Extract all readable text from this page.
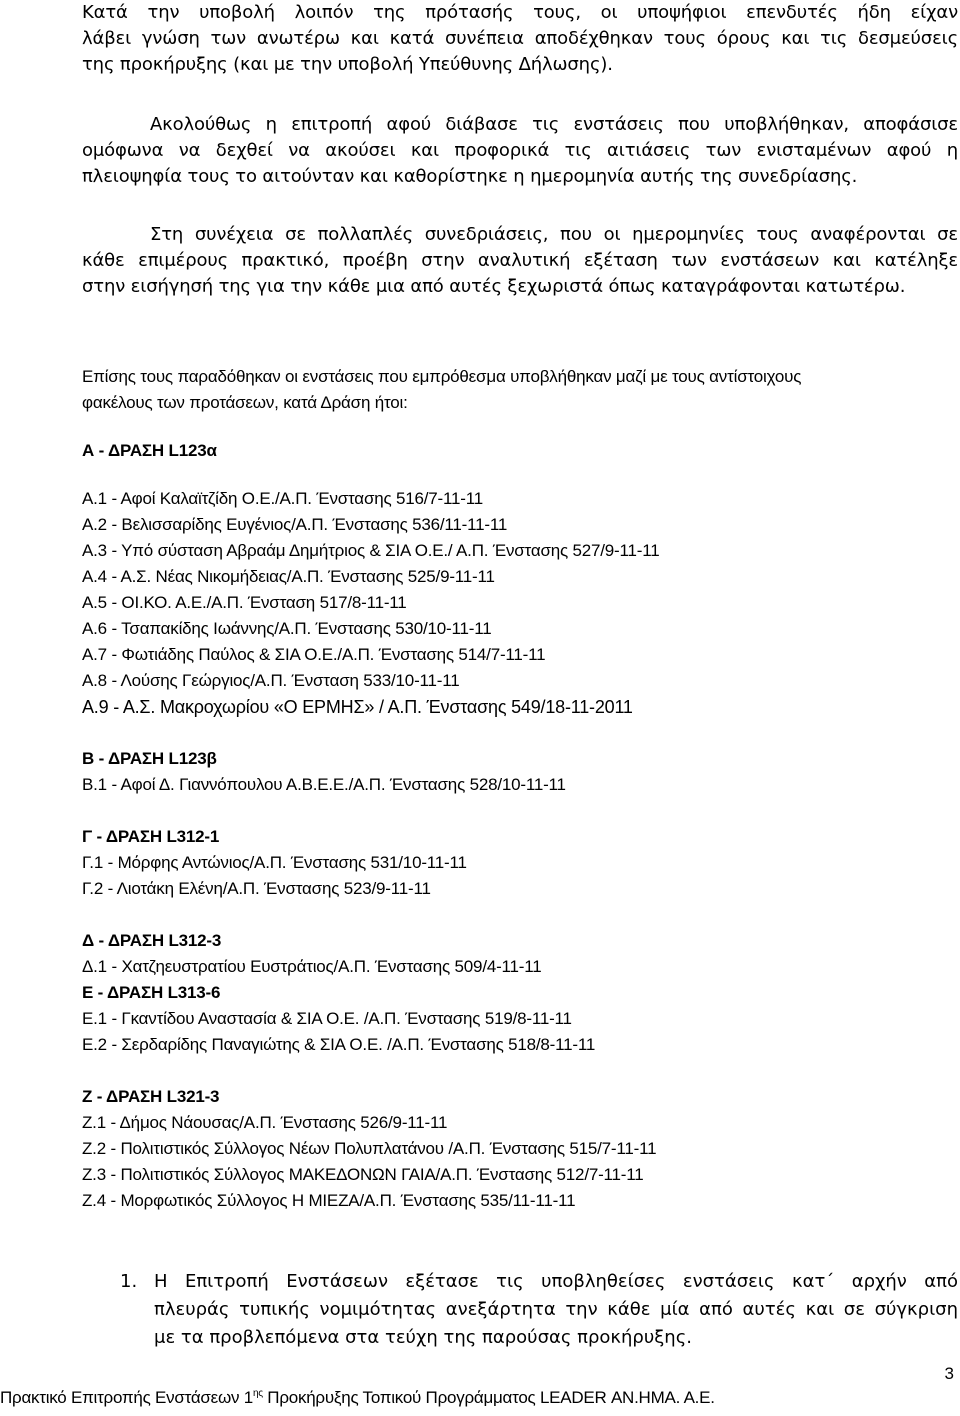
Κατά την υποβολή λοιπόν της πρότασής τους, οι υποψήφιοι επενδυτές ήδη είχαν
λάβει γνώση των ανωτέρω και κατά συνέπεια αποδέχθηκαν τους όρους και τις δεσμεύσεις
της προκήρυξης (και με την υποβολή Υπεύθυνης Δήλωσης).
Ακολούθως η επιτροπή αφού διάβασε τις ενστάσεις που υποβλήθηκαν, αποφάσισε
ομόφωνα να δεχθεί να ακούσει και προφορικά τις αιτιάσεις των ενισταμένων αφού η
πλειοψηφία τους το αιτούνταν και καθορίστηκε η ημερομηνία αυτής της συνεδρίασης.
Στη συνέχεια σε πολλαπλές συνεδριάσεις, που οι ημερομηνίες τους αναφέρονται σε
κάθε επιμέρους πρακτικό, προέβη στην αναλυτική εξέταση των ενστάσεων και κατέληξε
στην εισήγησή της για την κάθε μια από αυτές ξεχωριστά όπως καταγράφονται κατωτέρω.
Επίσης τους παραδόθηκαν οι ενστάσεις που εμπρόθεσμα υποβλήθηκαν μαζί με τους αντίστοιχους
φακέλους των προτάσεων, κατά Δράση ήτοι:
Α - ΔΡΑΣΗ L123α
Α.1 - Αφοί Καλαϊτζίδη Ο.Ε./Α.Π. Ένστασης 516/7-11-11
Α.2 - Βελισσαρίδης Ευγένιος/Α.Π. Ένστασης 536/11-11-11
Α.3 - Υπό σύσταση Αβραάμ Δημήτριος & ΣΙΑ Ο.Ε./ Α.Π. Ένστασης 527/9-11-11
Α.4 - Α.Σ. Νέας Νικομήδειας/Α.Π. Ένστασης 525/9-11-11
Α.5 - ΟΙ.ΚΟ. Α.Ε./Α.Π. Ένσταση 517/8-11-11
Α.6 - Τσαπακίδης Ιωάννης/Α.Π. Ένστασης 530/10-11-11
Α.7 - Φωτιάδης Παύλος & ΣΙΑ Ο.Ε./Α.Π. Ένστασης 514/7-11-11
Α.8 - Λούσης Γεώργιος/Α.Π. Ένσταση 533/10-11-11
Α.9 - Α.Σ. Μακροχωρίου «Ο ΕΡΜΗΣ» / Α.Π. Ένστασης 549/18-11-2011
Β - ΔΡΑΣΗ L123β
Β.1 - Αφοί Δ. Γιαννόπουλου Α.Β.Ε.Ε./Α.Π. Ένστασης 528/10-11-11
Γ - ΔΡΑΣΗ L312-1
Γ.1 - Μόρφης Αντώνιος/Α.Π. Ένστασης 531/10-11-11
Γ.2 - Λιοτάκη Ελένη/Α.Π. Ένστασης 523/9-11-11
Δ - ΔΡΑΣΗ L312-3
Δ.1 - Χατζηευστρατίου Ευστράτιος/Α.Π. Ένστασης 509/4-11-11
Ε - ΔΡΑΣΗ L313-6
Ε.1 - Γκαντίδου Αναστασία & ΣΙΑ Ο.Ε. /Α.Π. Ένστασης 519/8-11-11
Ε.2 - Σερδαρίδης Παναγιώτης & ΣΙΑ Ο.Ε. /Α.Π. Ένστασης 518/8-11-11
Ζ - ΔΡΑΣΗ L321-3
Ζ.1 - Δήμος Νάουσας/Α.Π. Ένστασης 526/9-11-11
Ζ.2 - Πολιτιστικός Σύλλογος Νέων Πολυπλατάνου /Α.Π. Ένστασης 515/7-11-11
Ζ.3 - Πολιτιστικός Σύλλογος ΜΑΚΕΔΟΝΩΝ ΓΑΙΑ/Α.Π. Ένστασης 512/7-11-11
Ζ.4 - Μορφωτικός Σύλλογος Η ΜΙΕΖΑ/Α.Π. Ένστασης 535/11-11-11
1. Η Επιτροπή Ενστάσεων εξέτασε τις υποβληθείσες ενστάσεις κατ΄ αρχήν από
πλευράς τυπικής νομιμότητας ανεξάρτητα την κάθε μία από αυτές και σε σύγκριση
με τα προβλεπόμενα στα τεύχη της παρούσας προκήρυξης.
3
Πρακτικό Επιτροπής Ενστάσεων $1^{\eta\varsigma}$ Προκήρυξης Τοπικού Προγράμματος LEADER ΑΝ.ΗΜΑ. Α.Ε.
